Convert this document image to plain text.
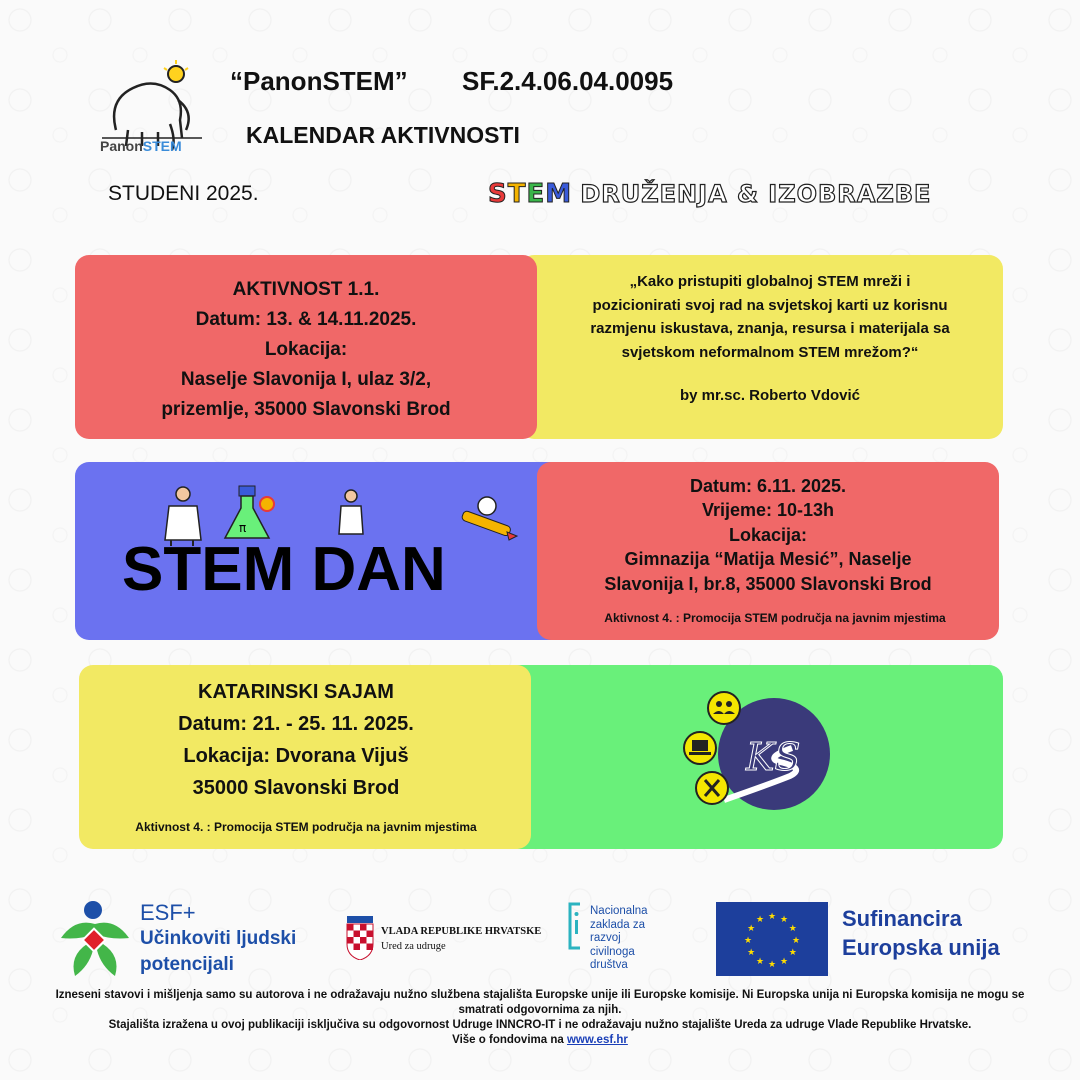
PanonSTEM
“PanonSTEM” SF.2.4.06.04.0095
KALENDAR AKTIVNOSTI
STUDENI 2025.	STEM DRUŽENJA & IZOBRAZBE
AKTIVNOST 1.1.
Datum: 13. & 14.11.2025.
Lokacija:
Naselje Slavonija I, ulaz 3/2,
prizemlje, 35000 Slavonski Brod
„Kako pristupiti globalnoj STEM mreži i
pozicionirati svoj rad na svjetskoj karti uz korisnu
razmjenu iskustava, znanja, resursa i materijala sa
svjetskom neformalnom STEM mrežom?“
by mr.sc. Roberto Vdović
π
STEM DAN
Datum: 6.11. 2025.
Vrijeme: 10-13h
Lokacija:
Gimnazija “Matija Mesić”, Naselje
Slavonija I, br.8, 35000 Slavonski Brod
Aktivnost 4. : Promocija STEM područja na javnim mjestima
KATARINSKI SAJAM
Datum: 21. - 25. 11. 2025.
Lokacija: Dvorana Vijuš
35000 Slavonski Brod
Aktivnost 4. : Promocija STEM područja na javnim mjestima
KS
ESF+
Učinkoviti ljudski
potencijali
VLADA REPUBLIKE HRVATSKE
Ured za udruge
Nacionalna
zaklada za
razvoj
civilnoga
društva
★ ★
★
★
★
★
★
★
★
★
★
★	Sufinancira
Europska unija
Izneseni stavovi i mišljenja samo su autorova i ne odražavaju nužno službena stajališta Europske unije ili Europske komisije. Ni Europska unija ni Europska komisija ne mogu se smatrati odgovornima za njih.
Stajališta izražena u ovoj publikaciji isključiva su odgovornost Udruge INNCRO-IT i ne odražavaju nužno stajalište Ureda za udruge Vlade Republike Hrvatske.
Više o fondovima na www.esf.hr
